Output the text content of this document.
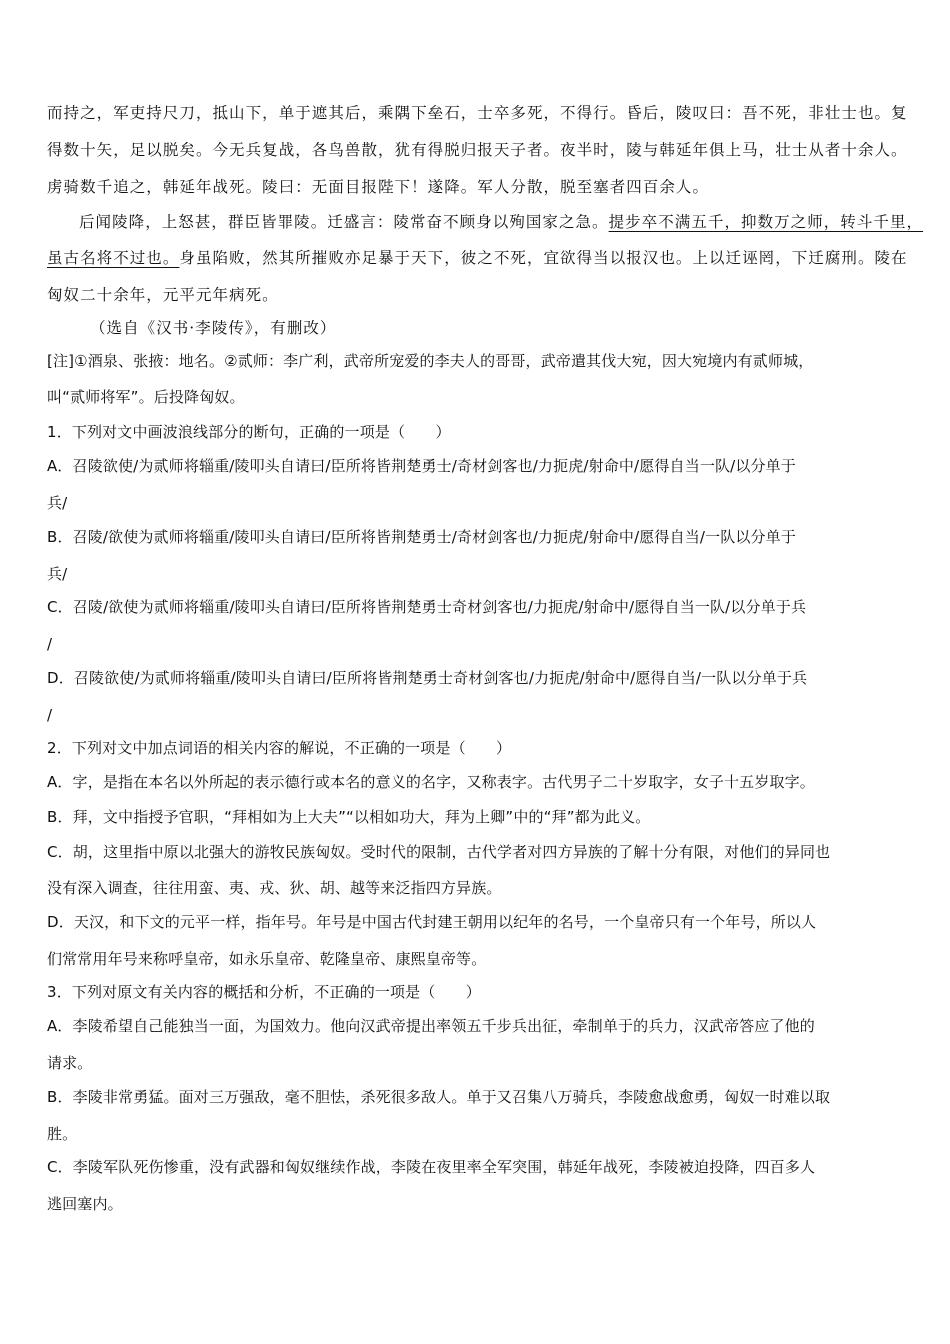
而持之，军吏持尺刀，抵山下，单于遮其后，乘隅下垒石，士卒多死，不得行。昏后，陵叹曰：吾不死，非壮士也。复
得数十矢，足以脱矣。今无兵复战，各鸟兽散，犹有得脱归报天子者。夜半时，陵与韩延年俱上马，壮士从者十余人。
虏骑数千追之，韩延年战死。陵曰：无面目报陛下！遂降。军人分散，脱至塞者四百余人。
后闻陵降，上怒甚，群臣皆罪陵。迁盛言：陵常奋不顾身以殉国家之急。提步卒不满五千，抑数万之师，转斗千里，
虽古名将不过也。身虽陷败，然其所摧败亦足暴于天下，彼之不死，宜欲得当以报汉也。上以迁诬罔，下迁腐刑。陵在
匈奴二十余年，元平元年病死。
（选自《汉书·李陵传》，有删改）
[注]①酒泉、张掖：地名。②贰师：李广利，武帝所宠爱的李夫人的哥哥，武帝遣其伐大宛，因大宛境内有贰师城，
叫“贰师将军”。后投降匈奴。
1．下列对文中画波浪线部分的断句，正确的一项是（　　）
A．召陵欲使/为贰师将辎重/陵叩头自请曰/臣所将皆荆楚勇士/奇材剑客也/力扼虎/射命中/愿得自当一队/以分单于
兵/
B．召陵/欲使为贰师将辎重/陵叩头自请曰/臣所将皆荆楚勇士/奇材剑客也/力扼虎/射命中/愿得自当/一队以分单于
兵/
C．召陵/欲使为贰师将辎重/陵叩头自请曰/臣所将皆荆楚勇士奇材剑客也/力扼虎/射命中/愿得自当一队/以分单于兵
/
D．召陵欲使/为贰师将辎重/陵叩头自请曰/臣所将皆荆楚勇士奇材剑客也/力扼虎/射命中/愿得自当/一队以分单于兵
/
2．下列对文中加点词语的相关内容的解说，不正确的一项是（　　）
A．字，是指在本名以外所起的表示德行或本名的意义的名字，又称表字。古代男子二十岁取字，女子十五岁取字。
B．拜，文中指授予官职，“拜相如为上大夫”“以相如功大，拜为上卿”中的“拜”都为此义。
C．胡，这里指中原以北强大的游牧民族匈奴。受时代的限制，古代学者对四方异族的了解十分有限，对他们的异同也
没有深入调查，往往用蛮、夷、戎、狄、胡、越等来泛指四方异族。
D．天汉，和下文的元平一样，指年号。年号是中国古代封建王朝用以纪年的名号，一个皇帝只有一个年号，所以人
们常常用年号来称呼皇帝，如永乐皇帝、乾隆皇帝、康熙皇帝等。
3．下列对原文有关内容的概括和分析，不正确的一项是（　　）
A．李陵希望自己能独当一面，为国效力。他向汉武帝提出率领五千步兵出征，牵制单于的兵力，汉武帝答应了他的
请求。
B．李陵非常勇猛。面对三万强敌，毫不胆怯，杀死很多敌人。单于又召集八万骑兵，李陵愈战愈勇，匈奴一时难以取
胜。
C．李陵军队死伤惨重，没有武器和匈奴继续作战，李陵在夜里率全军突围，韩延年战死，李陵被迫投降，四百多人
逃回塞内。
